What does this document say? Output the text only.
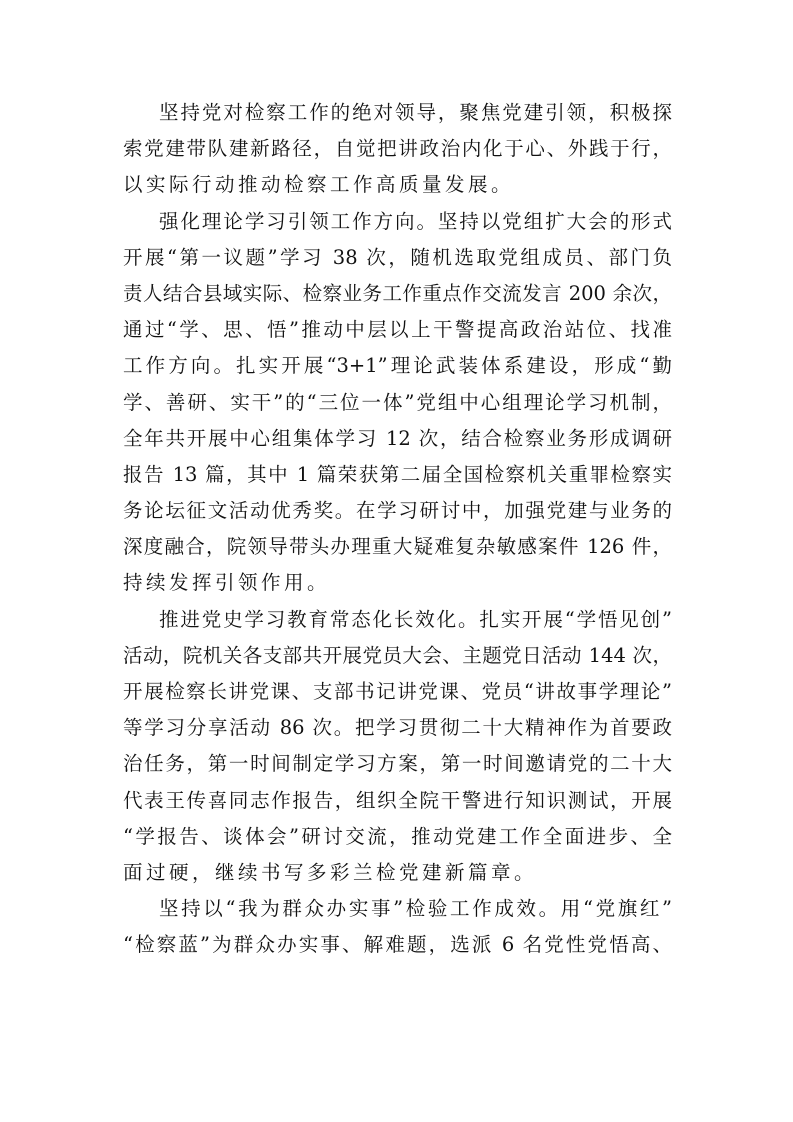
坚持党对检察工作的绝对领导，聚焦党建引领，积极探
索党建带队建新路径，自觉把讲政治内化于心、外践于行，
以实际行动推动检察工作高质量发展。
强化理论学习引领工作方向。坚持以党组扩大会的形式
开展“第一议题”学习 38 次，随机选取党组成员、部门负
责人结合县域实际、检察业务工作重点作交流发言 200 余次，
通过“学、思、悟”推动中层以上干警提高政治站位、找准
工作方向。扎实开展“3+1”理论武装体系建设，形成“勤
学、善研、实干”的“三位一体”党组中心组理论学习机制，
全年共开展中心组集体学习 12 次，结合检察业务形成调研
报告 13 篇，其中 1 篇荣获第二届全国检察机关重罪检察实
务论坛征文活动优秀奖。在学习研讨中，加强党建与业务的
深度融合，院领导带头办理重大疑难复杂敏感案件 126 件，
持续发挥引领作用。
推进党史学习教育常态化长效化。扎实开展“学悟见创”
活动，院机关各支部共开展党员大会、主题党日活动 144 次，
开展检察长讲党课、支部书记讲党课、党员“讲故事学理论”
等学习分享活动 86 次。把学习贯彻二十大精神作为首要政
治任务，第一时间制定学习方案，第一时间邀请党的二十大
代表王传喜同志作报告，组织全院干警进行知识测试，开展
“学报告、谈体会”研讨交流，推动党建工作全面进步、全
面过硬，继续书写多彩兰检党建新篇章。
坚持以“我为群众办实事”检验工作成效。用“党旗红”
“检察蓝”为群众办实事、解难题，选派 6 名党性党悟高、
